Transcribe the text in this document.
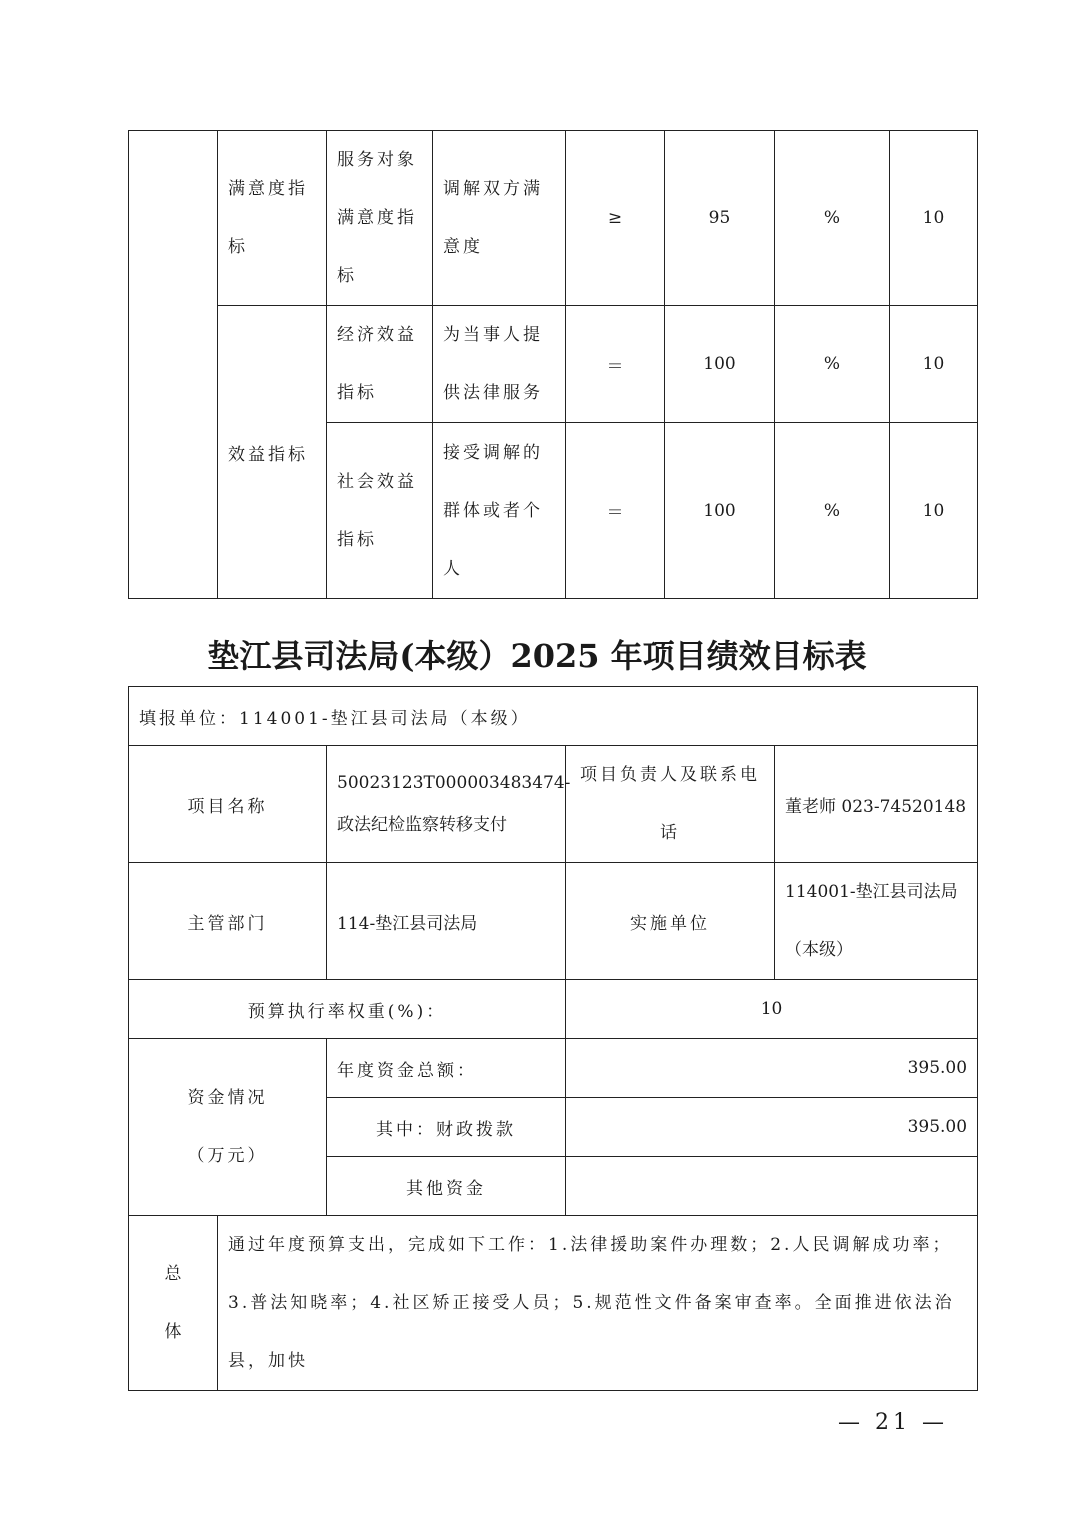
	满意度指标	服务对象满意度指标	调解双方满意度	≥	95	%	10
	效益指标	经济效益指标	为当事人提供法律服务	＝	100	%	10
		社会效益指标	接受调解的群体或者个人	＝	100	%	10
垫江县司法局(本级）2025 年项目绩效目标表
填报单位：114001-垫江县司法局（本级）				
项目名称		50023123T000003483474-政法纪检监察转移支付	项目负责人及联系电话	董老师 023-74520148
主管部门		114-垫江县司法局	实施单位	114001-垫江县司法局（本级）
预算执行率权重(%)：			10	

资金情况
（万元）		年度资金总额：	395.00	
		其中：财政拨款	395.00	
		其他资金		

总
体	通过年度预算支出，完成如下工作：1.法律援助案件办理数；2.人民调解成功率；3.普法知晓率；4.社区矫正接受人员；5.规范性文件备案审查率。全面推进依法治县，加快			
— 21 —
